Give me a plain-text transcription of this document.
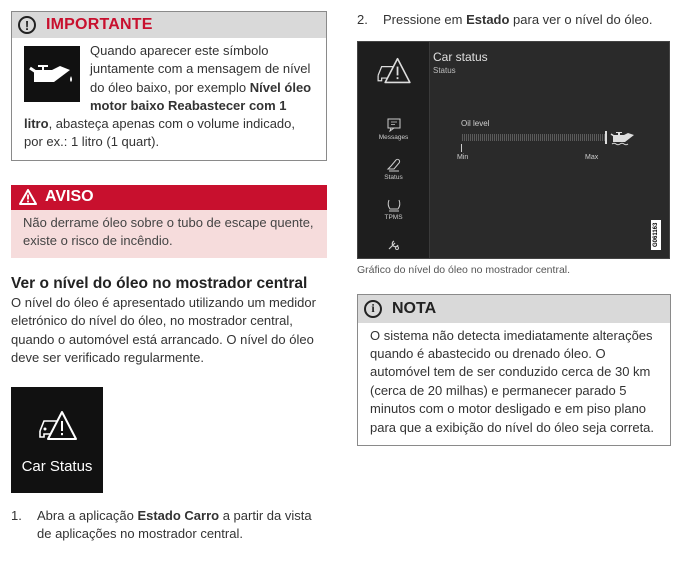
!	IMPORTANTE
Quando aparecer este símbolo juntamente com a mensagem de nível do óleo baixo, por exemplo Nível óleo motor baixo Reabastecer com 1 litro, abasteça apenas com o volume indicado, por ex.: 1 litro (1 quart).
AVISO
Não derrame óleo sobre o tubo de escape quente, existe o risco de incêndio.
Ver o nível do óleo no mostrador central
O nível do óleo é apresentado utilizando um medidor eletrónico do nível do óleo, no mostrador central, quando o automóvel está arrancado. O nível do óleo deve ser verificado regularmente.
Car Status
1.	Abra a aplicação Estado Carro a partir da vista de aplicações no mostrador central.
2.	Pressione em Estado para ver o nível do óleo.
Messages
Status
TPMS
Car status
Status
Oil level
Min	Max
G061163
Gráfico do nível do óleo no mostrador central.
i	NOTA
O sistema não detecta imediatamente alterações quando é abastecido ou drenado óleo. O automóvel tem de ser conduzido cerca de 30 km (cerca de 20 milhas) e permanecer parado 5 minutos com o motor desligado e em piso plano para que a exibição do nível do óleo seja correta.
